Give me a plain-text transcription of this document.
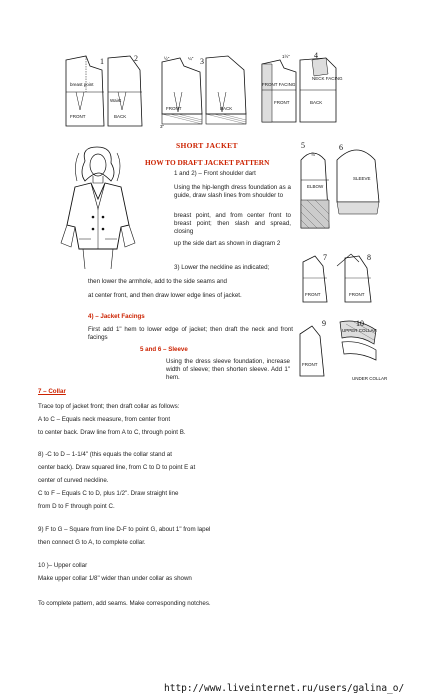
1
FRONT	BACK
breast point
Waist
3
FRONT	BACK
½"	¼"
3"
4
FRONT FACING
NECK FACING
FRONT	BACK
1½"
2
SHORT JACKET
HOW TO DRAFT JACKET PATTERN
1 and 2) – Front shoulder dart
Using the hip-length dress foundation as a guide, draw slash lines from shoulder to
breast point, and from center front to breast point; then slash and spread, closing
up the side dart as shown in diagram 2
3) Lower the neckline as indicated;
then lower the armhole, add to the side seams and
at center front, and then draw lower edge lines of jacket.
5	6
ELBOW
SLEEVE
⅞"
7	8
FRONT	FRONT
9	10
FRONT
UPPER COLLAR
UNDER COLLAR
4) – Jacket Facings
First add 1" hem to lower edge of jacket; then draft the neck and front facings
5 and 6 – Sleeve
Using the dress sleeve foundation, increase width of sleeve; then shorten sleeve. Add 1" hem.
7 – Collar
Trace top of jacket front; then draft collar as follows:
A to C – Equals neck measure, from center front
to center back. Draw line from A to C, through point B.
8) -C to D – 1-1/4" (this equals the collar stand at
center back). Draw squared line, from C to D to point E at
center of curved neckline.
C to F – Equals C to D, plus 1/2". Draw straight line
from D to F through point C.
9) F to G – Square from line D-F to point G, about 1" from lapel
then connect G to A, to complete collar.
10 )– Upper collar
Make upper collar 1/8" wider than under collar as shown
To complete pattern, add seams. Make corresponding notches.
http://www.liveinternet.ru/users/galina_o/
